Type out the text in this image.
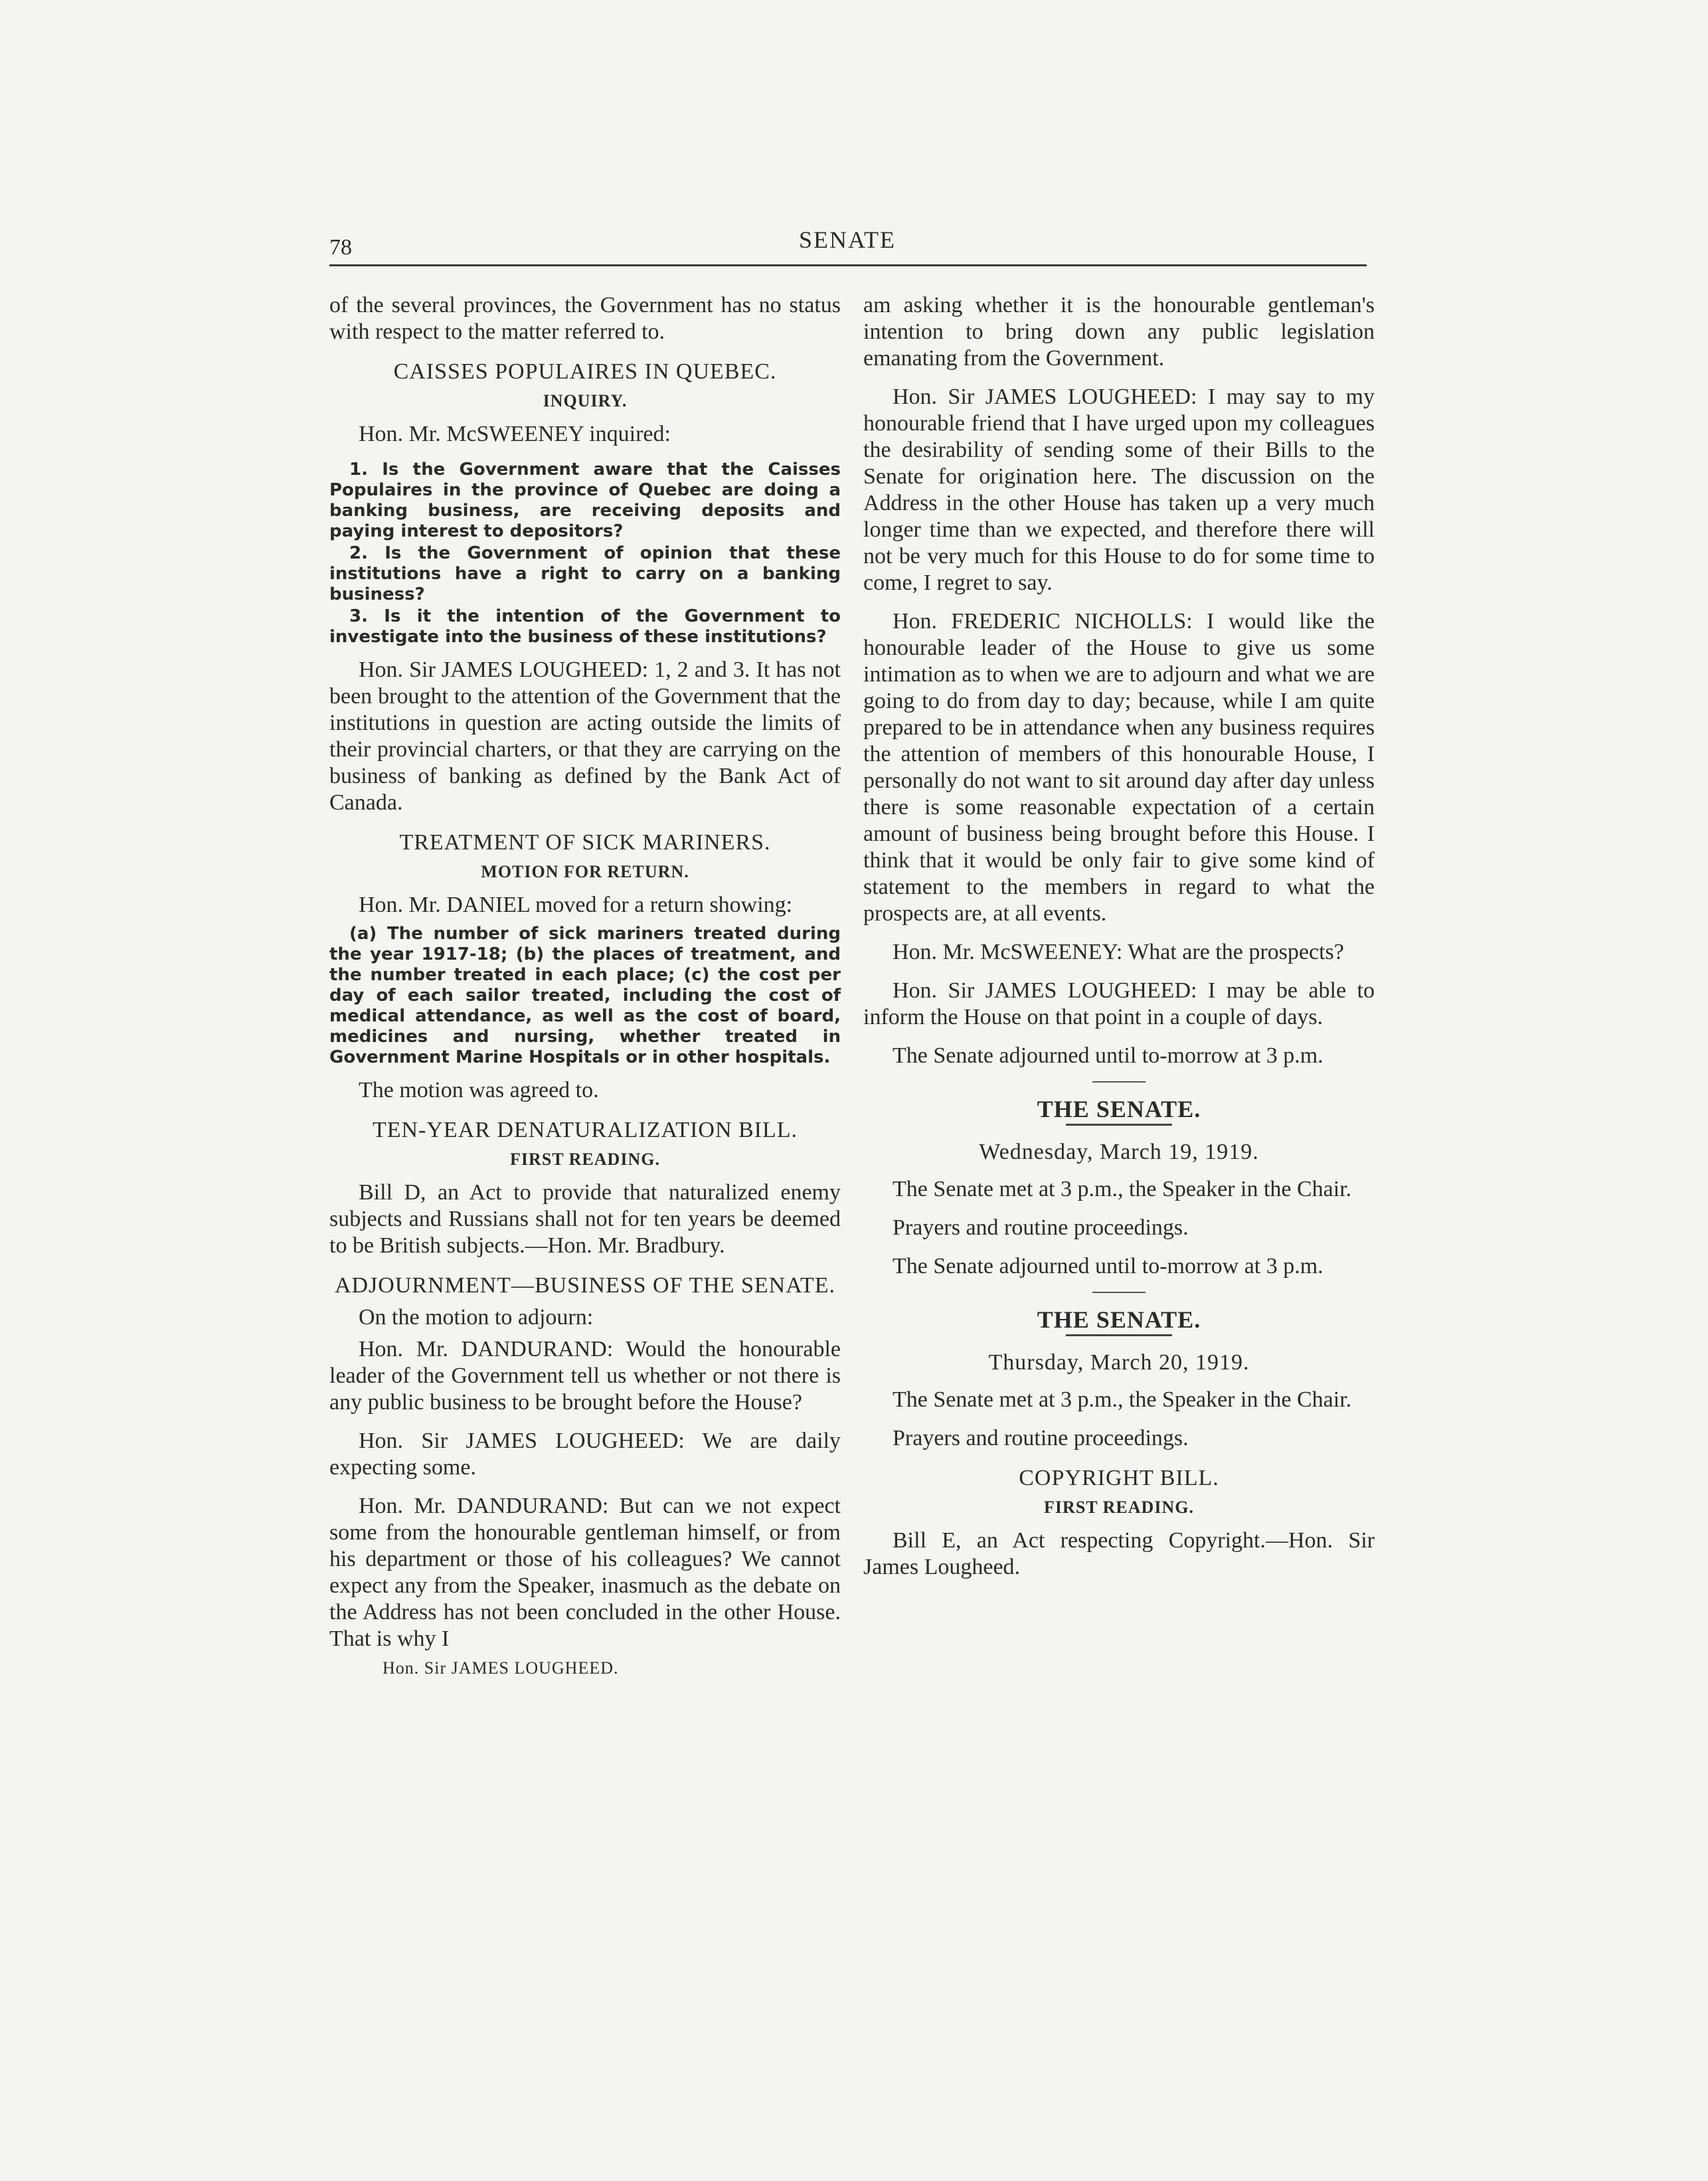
78	SENATE

of the several provinces, the Government has no status with respect to the matter referred to.

CAISSES POPULAIRES IN QUEBEC.
INQUIRY.

Hon. Mr. McSWEENEY inquired:

1. Is the Government aware that the Caisses Populaires in the province of Quebec are doing a banking business, are receiving deposits and paying interest to depositors?

2. Is the Government of opinion that these institutions have a right to carry on a banking business?

3. Is it the intention of the Government to investigate into the business of these institutions?

Hon. Sir JAMES LOUGHEED: 1, 2 and 3. It has not been brought to the attention of the Government that the institutions in question are acting outside the limits of their provincial charters, or that they are carrying on the business of banking as defined by the Bank Act of Canada.

TREATMENT OF SICK MARINERS.
MOTION FOR RETURN.

Hon. Mr. DANIEL moved for a return showing:

(a) The number of sick mariners treated during the year 1917-18; (b) the places of treatment, and the number treated in each place; (c) the cost per day of each sailor treated, including the cost of medical attendance, as well as the cost of board, medicines and nursing, whether treated in Government Marine Hospitals or in other hospitals.

The motion was agreed to.

TEN-YEAR DENATURALIZATION BILL.
FIRST READING.

Bill D, an Act to provide that naturalized enemy subjects and Russians shall not for ten years be deemed to be British subjects.—Hon. Mr. Bradbury.

ADJOURNMENT—BUSINESS OF THE SENATE.

On the motion to adjourn:

Hon. Mr. DANDURAND: Would the honourable leader of the Government tell us whether or not there is any public business to be brought before the House?

Hon. Sir JAMES LOUGHEED: We are daily expecting some.

Hon. Mr. DANDURAND: But can we not expect some from the honourable gentleman himself, or from his department or those of his colleagues? We cannot expect any from the Speaker, inasmuch as the debate on the Address has not been concluded in the other House. That is why I

Hon. Sir JAMES LOUGHEED.

am asking whether it is the honourable gentleman's intention to bring down any public legislation emanating from the Government.

Hon. Sir JAMES LOUGHEED: I may say to my honourable friend that I have urged upon my colleagues the desirability of sending some of their Bills to the Senate for origination here. The discussion on the Address in the other House has taken up a very much longer time than we expected, and therefore there will not be very much for this House to do for some time to come, I regret to say.

Hon. FREDERIC NICHOLLS: I would like the honourable leader of the House to give us some intimation as to when we are to adjourn and what we are going to do from day to day; because, while I am quite prepared to be in attendance when any business requires the attention of members of this honourable House, I personally do not want to sit around day after day unless there is some reasonable expectation of a certain amount of business being brought before this House. I think that it would be only fair to give some kind of statement to the members in regard to what the prospects are, at all events.

Hon. Mr. McSWEENEY: What are the prospects?

Hon. Sir JAMES LOUGHEED: I may be able to inform the House on that point in a couple of days.

The Senate adjourned until to-morrow at 3 p.m.

THE SENATE.
Wednesday, March 19, 1919.

The Senate met at 3 p.m., the Speaker in the Chair.

Prayers and routine proceedings.

The Senate adjourned until to-morrow at 3 p.m.

THE SENATE.
Thursday, March 20, 1919.

The Senate met at 3 p.m., the Speaker in the Chair.

Prayers and routine proceedings.

COPYRIGHT BILL.
FIRST READING.

Bill E, an Act respecting Copyright.—Hon. Sir James Lougheed.
